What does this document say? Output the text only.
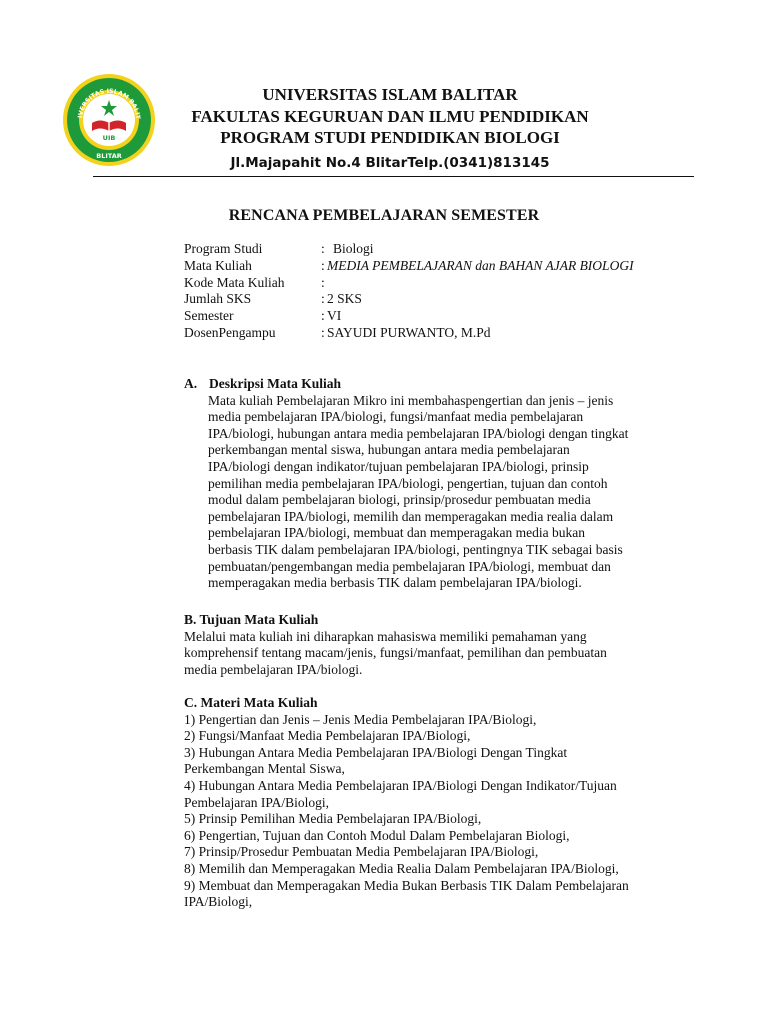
IVERSITAS ISLAM BALIT
UIB
BLITAR
UNIVERSITAS ISLAM BALITAR
FAKULTAS KEGURUAN DAN ILMU PENDIDIKAN
PROGRAM STUDI PENDIDIKAN BIOLOGI
Jl.Majapahit No.4 BlitarTelp.(0341)813145
RENCANA PEMBELAJARAN SEMESTER
Program Studi	: Biologi
Mata Kuliah	: MEDIA PEMBELAJARAN dan BAHAN AJAR BIOLOGI
Kode Mata Kuliah	:
Jumlah SKS	: 2 SKS
Semester	: VI
DosenPengampu	: SAYUDI PURWANTO, M.Pd
A. Deskripsi Mata Kuliah
Mata kuliah Pembelajaran Mikro ini membahaspengertian dan jenis – jenis
media pembelajaran IPA/biologi, fungsi/manfaat media pembelajaran
IPA/biologi, hubungan antara media pembelajaran IPA/biologi dengan tingkat
perkembangan mental siswa, hubungan antara media pembelajaran
IPA/biologi dengan indikator/tujuan pembelajaran IPA/biologi, prinsip
pemilihan media pembelajaran IPA/biologi, pengertian, tujuan dan contoh
modul dalam pembelajaran biologi, prinsip/prosedur pembuatan media
pembelajaran IPA/biologi, memilih dan memperagakan media realia dalam
pembelajaran IPA/biologi, membuat dan memperagakan media bukan
berbasis TIK dalam pembelajaran IPA/biologi, pentingnya TIK sebagai basis
pembuatan/pengembangan media pembelajaran IPA/biologi, membuat dan
memperagakan media berbasis TIK dalam pembelajaran IPA/biologi.
B. Tujuan Mata Kuliah
Melalui mata kuliah ini diharapkan mahasiswa memiliki pemahaman yang
komprehensif tentang macam/jenis, fungsi/manfaat, pemilihan dan pembuatan
media pembelajaran IPA/biologi.
C. Materi Mata Kuliah
1) Pengertian dan Jenis – Jenis Media Pembelajaran IPA/Biologi,
2) Fungsi/Manfaat Media Pembelajaran IPA/Biologi,
3) Hubungan Antara Media Pembelajaran IPA/Biologi Dengan Tingkat
Perkembangan Mental Siswa,
4) Hubungan Antara Media Pembelajaran IPA/Biologi Dengan Indikator/Tujuan
Pembelajaran IPA/Biologi,
5) Prinsip Pemilihan Media Pembelajaran IPA/Biologi,
6) Pengertian, Tujuan dan Contoh Modul Dalam Pembelajaran Biologi,
7) Prinsip/Prosedur Pembuatan Media Pembelajaran IPA/Biologi,
8) Memilih dan Memperagakan Media Realia Dalam Pembelajaran IPA/Biologi,
9) Membuat dan Memperagakan Media Bukan Berbasis TIK Dalam Pembelajaran
IPA/Biologi,
